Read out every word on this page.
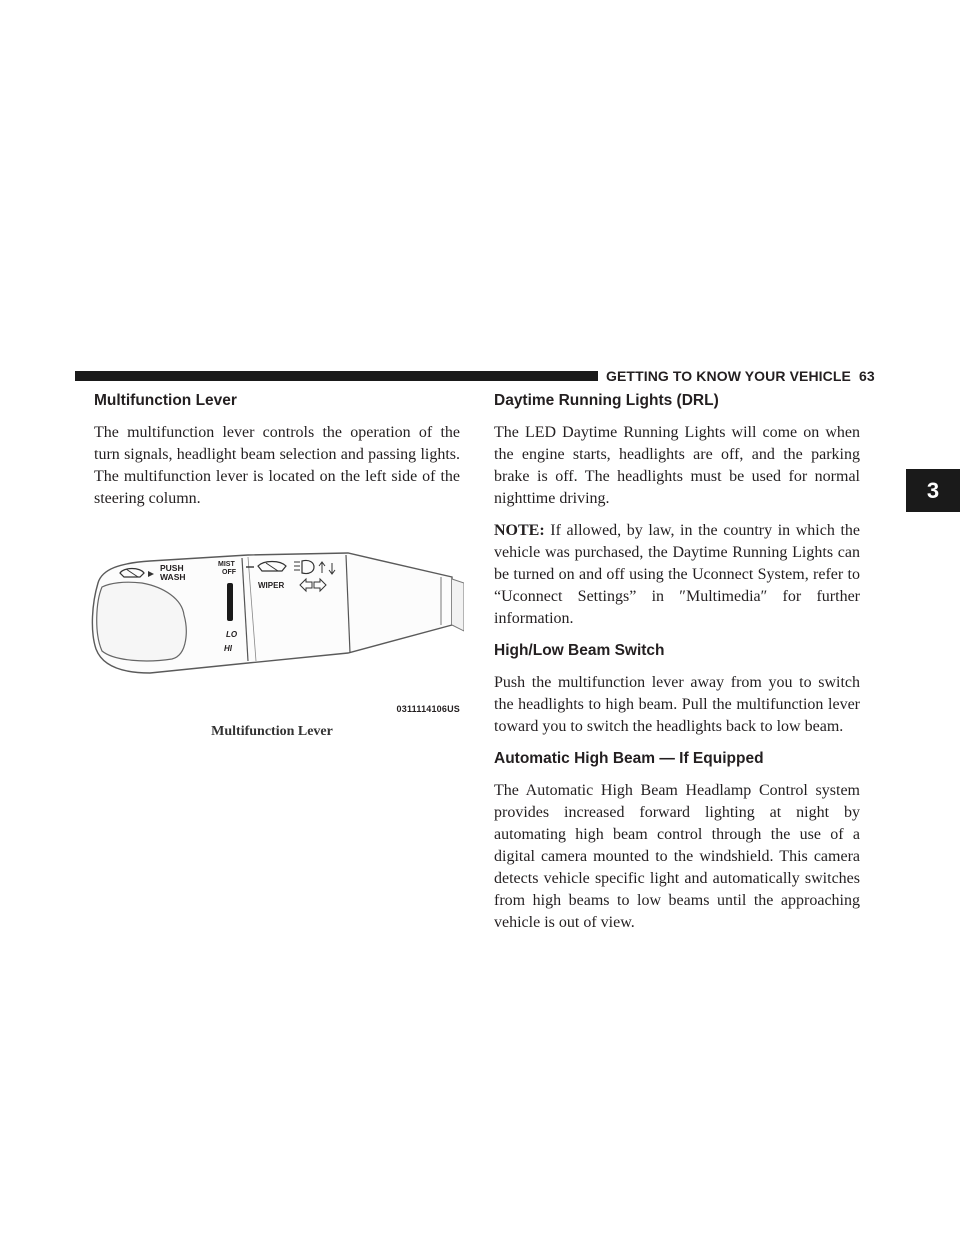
GETTING TO KNOW YOUR VEHICLE 63
3
Multifunction Lever

The multifunction lever controls the operation of the turn signals, headlight beam selection and passing lights. The multifunction lever is located on the left side of the steering column.

PUSH
WASH
MIST
OFF
WIPER
LO
HI
0311114106US
Multifunction Lever
Daytime Running Lights (DRL)

The LED Daytime Running Lights will come on when the engine starts, headlights are off, and the parking brake is off. The headlights must be used for normal nighttime driving.

NOTE: If allowed, by law, in the country in which the vehicle was purchased, the Daytime Running Lights can be turned on and off using the Uconnect System, refer to “Uconnect Settings” in ″Multimedia″ for further information.

High/Low Beam Switch

Push the multifunction lever away from you to switch the headlights to high beam. Pull the multifunction lever toward you to switch the headlights back to low beam.

Automatic High Beam — If Equipped

The Automatic High Beam Headlamp Control system provides increased forward lighting at night by automating high beam control through the use of a digital camera mounted to the windshield. This camera detects vehicle specific light and automatically switches from high beams to low beams until the approaching vehicle is out of view.
